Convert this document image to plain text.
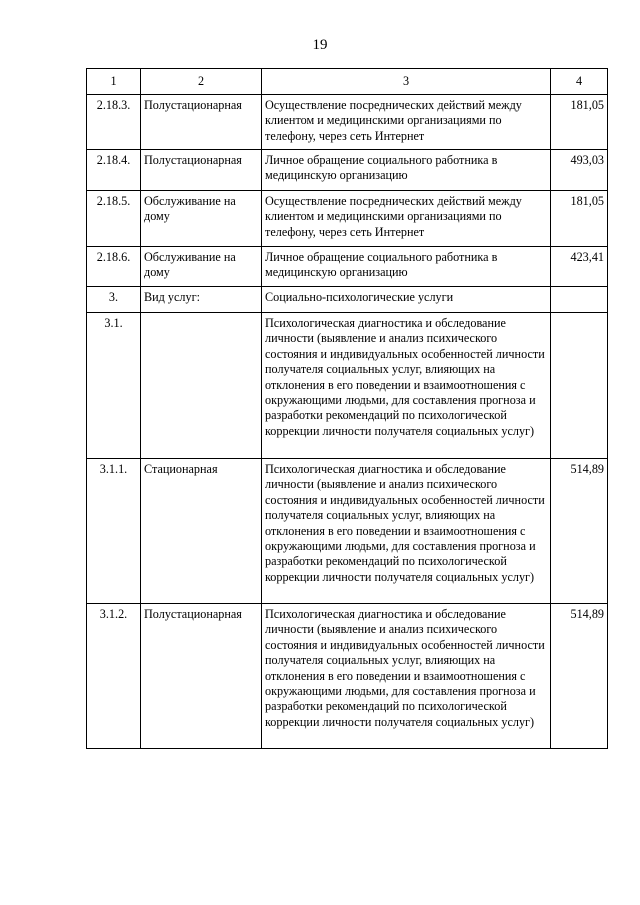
19
1	2	3	4
2.18.3.	Полустационарная	Осуществление посреднических действий между клиентом и медицинскими организациями по телефону, через сеть Интернет	181,05
2.18.4.	Полустационарная	Личное обращение социального работника в медицинскую организацию	493,03
2.18.5.	Обслуживание на дому	Осуществление посреднических действий между клиентом и медицинскими организациями по телефону, через сеть Интернет	181,05
2.18.6.	Обслуживание на дому	Личное обращение социального работника в медицинскую организацию	423,41
3.	Вид услуг:	Социально-психологические услуги	
3.1.		Психологическая диагностика и обследование личности (выявление и анализ психического состояния и индивидуальных особенностей личности получателя социальных услуг, влияющих на отклонения в его поведении и взаимоотношения с окружающими людьми, для составления прогноза и разработки рекомендаций по психологической коррекции личности получателя социальных услуг)	
3.1.1.	Стационарная	Психологическая диагностика и обследование личности (выявление и анализ психического состояния и индивидуальных особенностей личности получателя социальных услуг, влияющих на отклонения в его поведении и взаимоотношения с окружающими людьми, для составления прогноза и разработки рекомендаций по психологической коррекции личности получателя социальных услуг)	514,89
3.1.2.	Полустационарная	Психологическая диагностика и обследование личности (выявление и анализ психического состояния и индивидуальных особенностей личности получателя социальных услуг, влияющих на отклонения в его поведении и взаимоотношения с окружающими людьми, для составления прогноза и разработки рекомендаций по психологической коррекции личности получателя социальных услуг)	514,89
